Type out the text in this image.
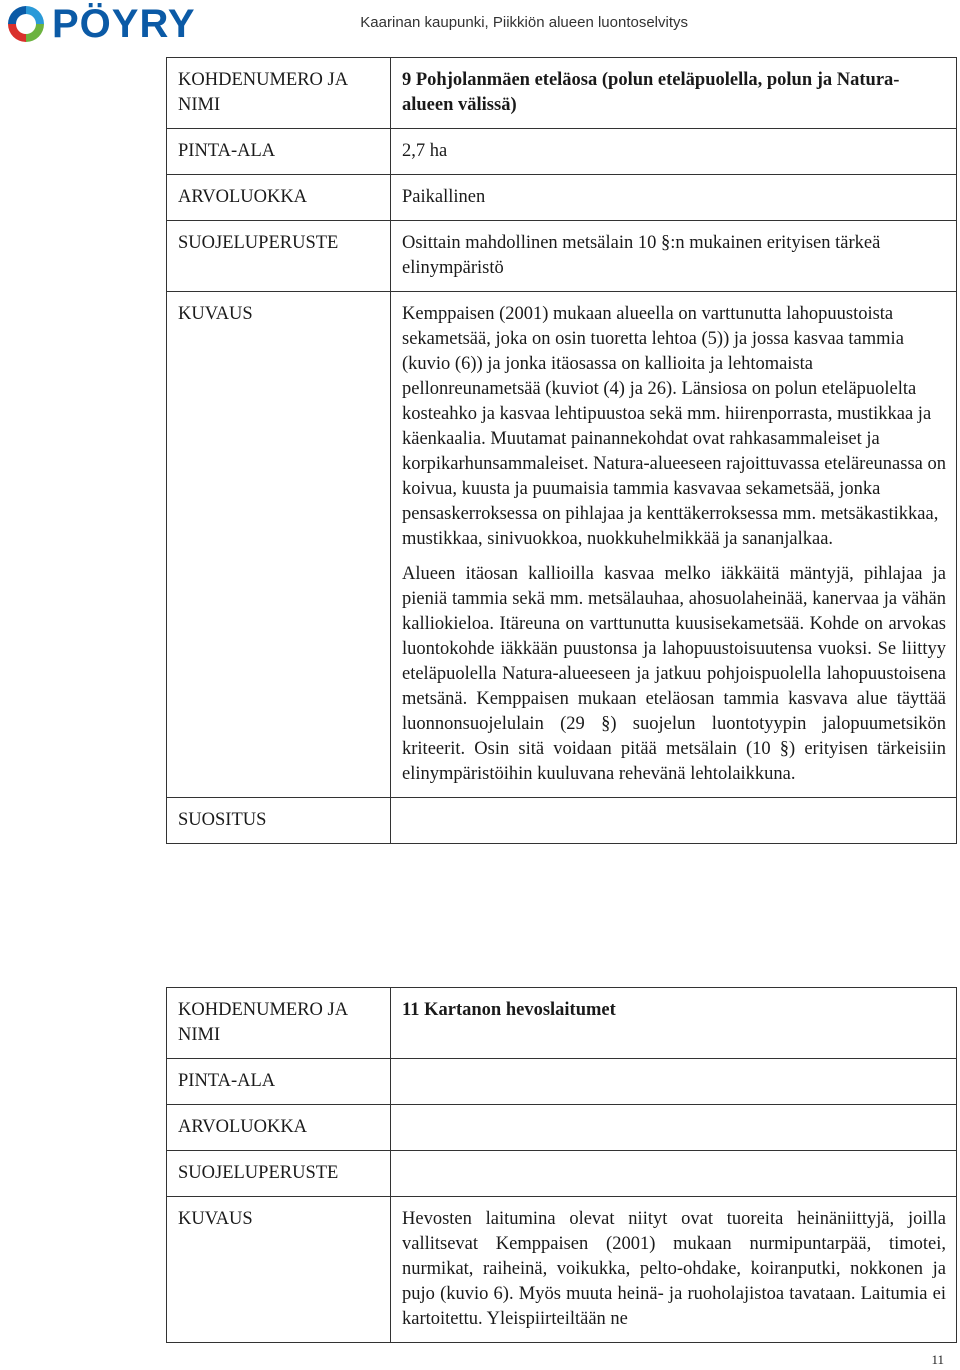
PÖYRY	Kaarinan kaupunki, Piikkiön alueen luontoselvitys
KOHDENUMERO JA NIMI	9 Pohjolanmäen eteläosa (polun eteläpuolella, polun ja Natura-alueen välissä)
PINTA-ALA	2,7 ha
ARVOLUOKKA	Paikallinen
SUOJELUPERUSTE	Osittain mahdollinen metsälain 10 §:n mukainen erityisen tärkeä elinympäristö
KUVAUS	Kemppaisen (2001) mukaan alueella on varttunutta lahopuustoista sekametsää, joka on osin tuoretta lehtoa (5)) ja jossa kasvaa tammia (kuvio (6)) ja jonka itäosassa on kallioita ja lehtomaista pellonreunametsää (kuviot (4) ja 26). Länsiosa on polun eteläpuolelta kosteahko ja kasvaa lehtipuustoa sekä mm. hiirenporrasta, mustikkaa ja käenkaalia. Muutamat painannekohdat ovat rahkasammaleiset ja korpikarhunsammaleiset. Natura-alueeseen rajoittuvassa eteläreunassa on koivua, kuusta ja puumaisia tammia kasvavaa sekametsää, jonka pensaskerroksessa on pihlajaa ja kenttäkerroksessa mm. metsäkastikkaa, mustikkaa, sinivuokkoa, nuokkuhelmikkää ja sananjalkaa.
Alueen itäosan kallioilla kasvaa melko iäkkäitä mäntyjä, pihlajaa ja pieniä tammia sekä mm. metsälauhaa, ahosuolaheinää, kanervaa ja vähän kalliokieloa. Itäreuna on varttunutta kuusisekametsää. Kohde on arvokas luontokohde iäkkään puustonsa ja lahopuustoisuutensa vuoksi. Se liittyy eteläpuolella Natura-alueeseen ja jatkuu pohjoispuolella lahopuustoisena metsänä. Kemppaisen mukaan eteläosan tammia kasvava alue täyttää luonnonsuojelulain (29 §) suojelun luontotyypin jalopuumetsikön kriteerit. Osin sitä voidaan pitää metsälain (10 §) erityisen tärkeisiin elinympäristöihin kuuluvana rehevänä lehtolaikkuna.

SUOSITUS	
KOHDENUMERO JA NIMI	11 Kartanon hevoslaitumet
PINTA-ALA	
ARVOLUOKKA	
SUOJELUPERUSTE	
KUVAUS	Hevosten laitumina olevat niityt ovat tuoreita heinäniittyjä, joilla vallitsevat Kemppaisen (2001) mukaan nurmipuntarpää, timotei, nurmikat, raiheinä, voikukka, pelto-ohdake, koiranputki, nokkonen ja pujo (kuvio 6). Myös muuta heinä- ja ruoholajistoa tavataan. Laitumia ei kartoitettu. Yleispiirteiltään ne
11
